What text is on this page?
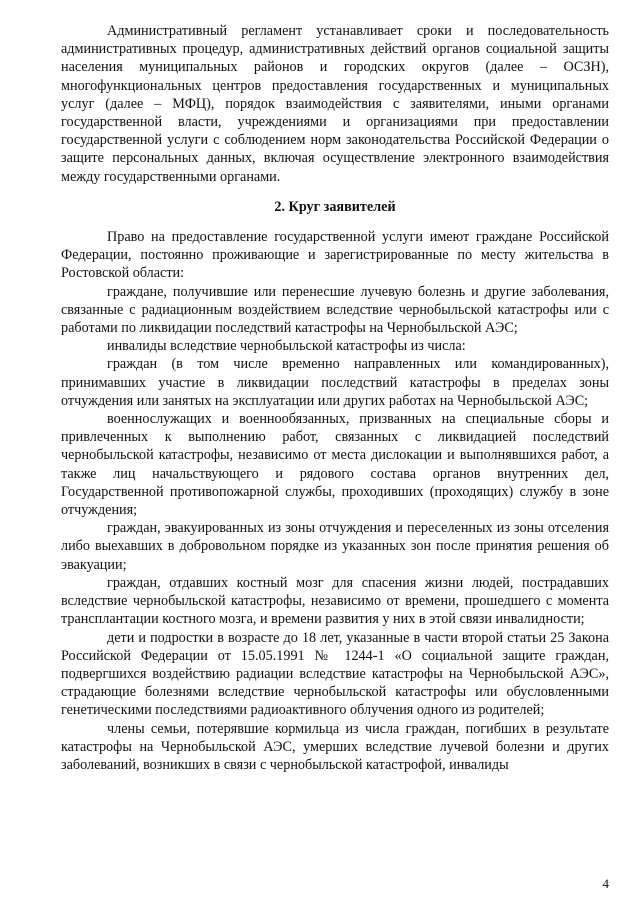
Административный регламент устанавливает сроки и последовательность административных процедур, административных действий органов социальной защиты населения муниципальных районов и городских округов (далее – ОСЗН), многофункциональных центров предоставления государственных и муниципальных услуг (далее – МФЦ), порядок взаимодействия с заявителями, иными органами государственной власти, учреждениями и организациями при предоставлении государственной услуги с соблюдением норм законодательства Российской Федерации о защите персональных данных, включая осуществление электронного взаимодействия между государственными органами.

2. Круг заявителей

Право на предоставление государственной услуги имеют граждане Российской Федерации, постоянно проживающие и зарегистрированные по месту жительства в Ростовской области:

граждане, получившие или перенесшие лучевую болезнь и другие заболевания, связанные с радиационным воздействием вследствие чернобыльской катастрофы или с работами по ликвидации последствий катастрофы на Чернобыльской АЭС;

инвалиды вследствие чернобыльской катастрофы из числа:

граждан (в том числе временно направленных или командированных), принимавших участие в ликвидации последствий катастрофы в пределах зоны отчуждения или занятых на эксплуатации или других работах на Чернобыльской АЭС;

военнослужащих и военнообязанных, призванных на специальные сборы и привлеченных к выполнению работ, связанных с ликвидацией последствий чернобыльской катастрофы, независимо от места дислокации и выполнявшихся работ, а также лиц начальствующего и рядового состава органов внутренних дел, Государственной противопожарной службы, проходивших (проходящих) службу в зоне отчуждения;

граждан, эвакуированных из зоны отчуждения и переселенных из зоны отселения либо выехавших в добровольном порядке из указанных зон после принятия решения об эвакуации;

граждан, отдавших костный мозг для спасения жизни людей, пострадавших вследствие чернобыльской катастрофы, независимо от времени, прошедшего с момента трансплантации костного мозга, и времени развития у них в этой связи инвалидности;

дети и подростки в возрасте до 18 лет, указанные в части второй статьи 25 Закона Российской Федерации от 15.05.1991 № 1244-1 «О социальной защите граждан, подвергшихся воздействию радиации вследствие катастрофы на Чернобыльской АЭС», страдающие болезнями вследствие чернобыльской катастрофы или обусловленными генетическими последствиями радиоактивного облучения одного из родителей;

члены семьи, потерявшие кормильца из числа граждан, погибших в результате катастрофы на Чернобыльской АЭС, умерших вследствие лучевой болезни и других заболеваний, возникших в связи с чернобыльской катастрофой, инвалиды

4
